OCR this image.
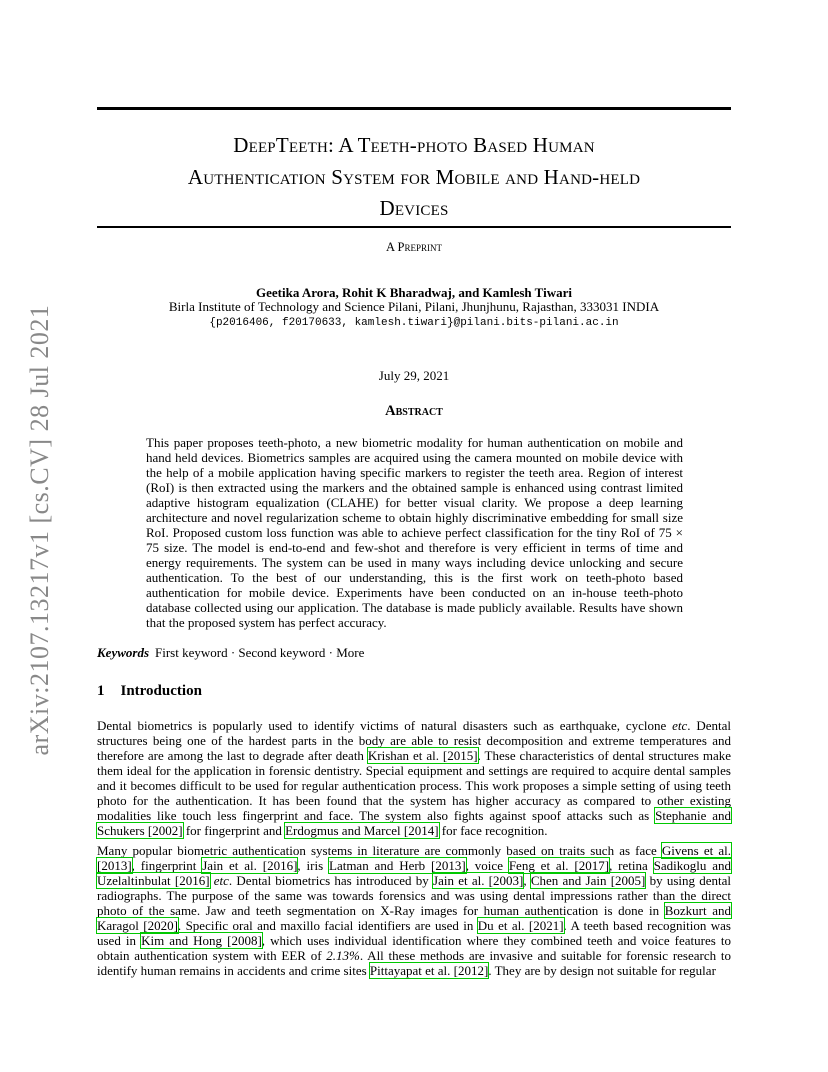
arXiv:2107.13217v1 [cs.CV] 28 Jul 2021
DeepTeeth: A Teeth-photo Based Human
Authentication System for Mobile and Hand-held
Devices
A Preprint
Geetika Arora, Rohit K Bharadwaj, and Kamlesh Tiwari
Birla Institute of Technology and Science Pilani, Pilani, Jhunjhunu, Rajasthan, 333031 INDIA
{p2016406, f20170633, kamlesh.tiwari}@pilani.bits-pilani.ac.in
July 29, 2021
Abstract

This paper proposes teeth-photo, a new biometric modality for human authentication on mobile and hand held devices. Biometrics samples are acquired using the camera mounted on mobile device with the help of a mobile application having specific markers to register the teeth area. Region of interest (RoI) is then extracted using the markers and the obtained sample is enhanced using contrast limited adaptive histogram equalization (CLAHE) for better visual clarity. We propose a deep learning architecture and novel regularization scheme to obtain highly discriminative embedding for small size RoI. Proposed custom loss function was able to achieve perfect classification for the tiny RoI of 75 × 75 size. The model is end-to-end and few-shot and therefore is very efficient in terms of time and energy requirements. The system can be used in many ways including device unlocking and secure authentication. To the best of our understanding, this is the first work on teeth-photo based authentication for mobile device. Experiments have been conducted on an in-house teeth-photo database collected using our application. The database is made publicly available. Results have shown that the proposed system has perfect accuracy.

Keywords First keyword · Second keyword · More
1 Introduction

Dental biometrics is popularly used to identify victims of natural disasters such as earthquake, cyclone etc. Dental structures being one of the hardest parts in the body are able to resist decomposition and extreme temperatures and therefore are among the last to degrade after death Krishan et al. [2015]. These characteristics of dental structures make them ideal for the application in forensic dentistry. Special equipment and settings are required to acquire dental samples and it becomes difficult to be used for regular authentication process. This work proposes a simple setting of using teeth photo for the authentication. It has been found that the system has higher accuracy as compared to other existing modalities like touch less fingerprint and face. The system also fights against spoof attacks such as Stephanie and Schukers [2002] for fingerprint and Erdogmus and Marcel [2014] for face recognition.

Many popular biometric authentication systems in literature are commonly based on traits such as face Givens et al. [2013], fingerprint Jain et al. [2016], iris Latman and Herb [2013], voice Feng et al. [2017], retina Sadikoglu and Uzelaltinbulat [2016] etc. Dental biometrics has introduced by Jain et al. [2003], Chen and Jain [2005] by using dental radiographs. The purpose of the same was towards forensics and was using dental impressions rather than the direct photo of the same. Jaw and teeth segmentation on X-Ray images for human authentication is done in Bozkurt and Karagol [2020]. Specific oral and maxillo facial identifiers are used in Du et al. [2021]. A teeth based recognition was used in Kim and Hong [2008], which uses individual identification where they combined teeth and voice features to obtain authentication system with EER of 2.13%. All these methods are invasive and suitable for forensic research to identify human remains in accidents and crime sites Pittayapat et al. [2012]. They are by design not suitable for regular
